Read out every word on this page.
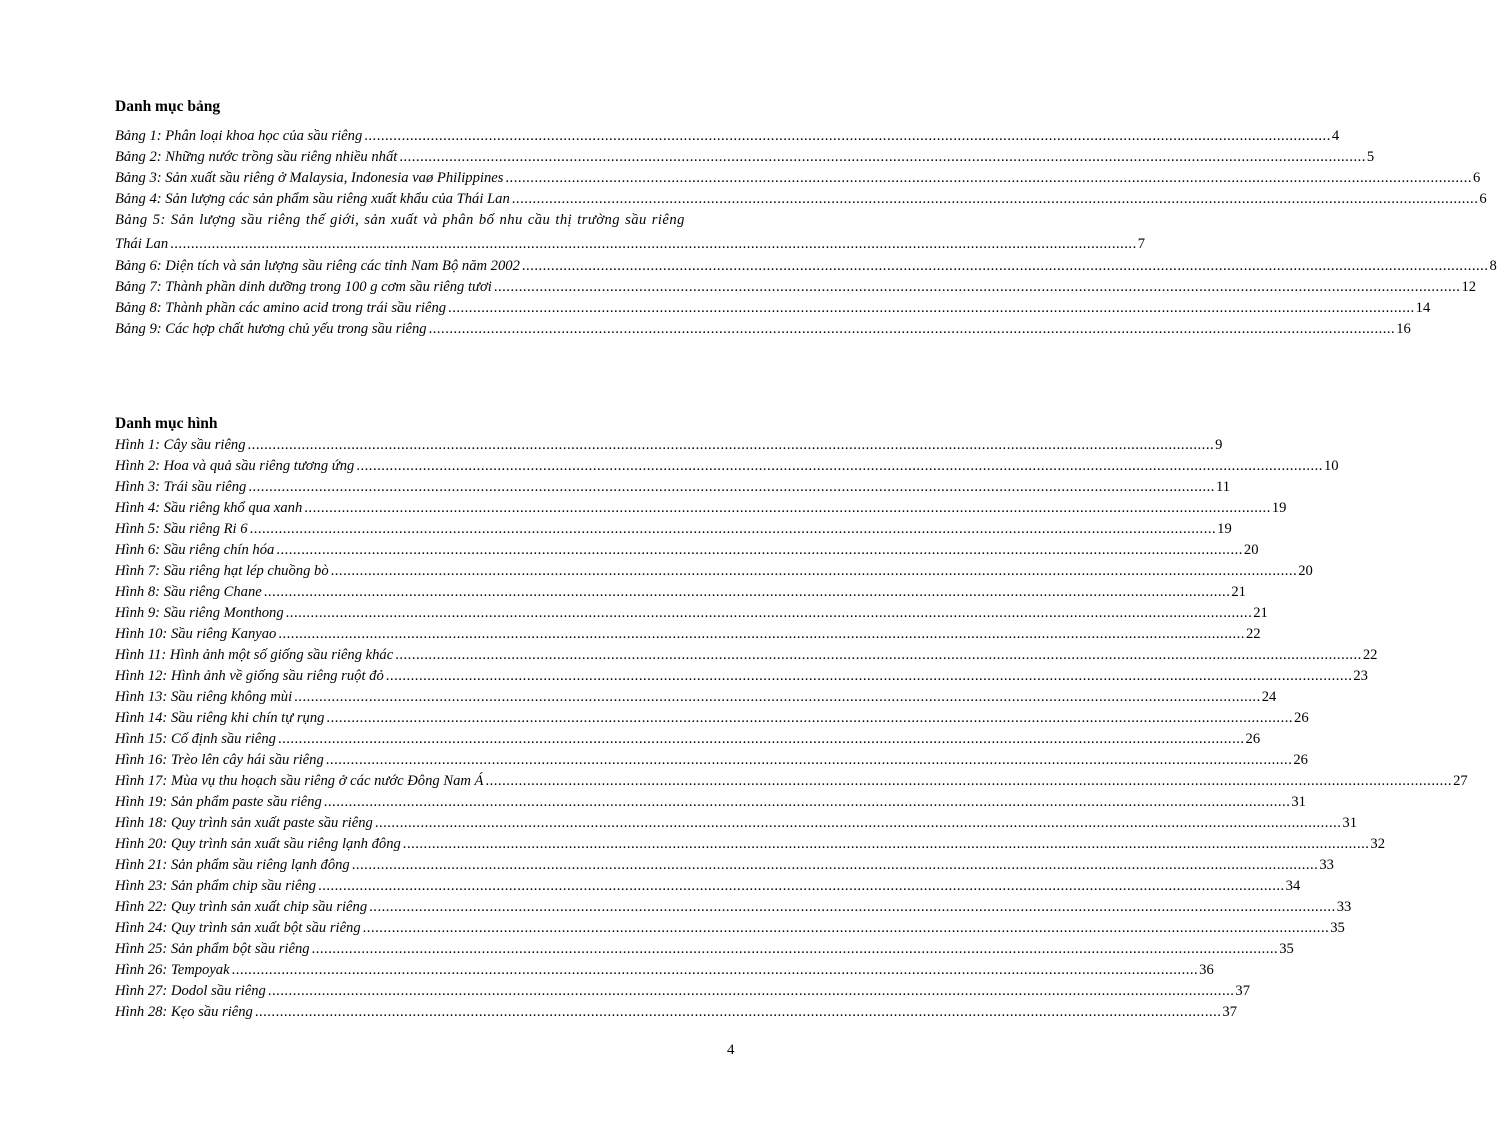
Danh mục bảng
Bảng 1: Phân loại khoa học của sầu riêng .....	4
Bảng 2: Những nước trồng sầu riêng nhiều nhất .....	5
Bảng 3: Sản xuất sầu riêng ở Malaysia, Indonesia vaø Philippines .....	6
Bảng 4: Sản lượng các sản phẩm sầu riêng xuất khẩu của Thái Lan .....	6
Bảng 5: Sản lượng sầu riêng thế giới, sản xuất và phân bố nhu cầu thị trường sầu riêng
Thái Lan .....	7
Bảng 6: Diện tích và sản lượng sầu riêng các tỉnh Nam Bộ năm 2002 .....	8
Bảng 7: Thành phần dinh dưỡng trong 100 g cơm sầu riêng tươi .....	12
Bảng 8: Thành phần các amino acid trong trái sầu riêng .....	14
Bảng 9: Các hợp chất hương chủ yếu trong sầu riêng .....	16
Danh mục hình
Hình 1: Cây sầu riêng .....	9
Hình 2: Hoa và quả sầu riêng tương ứng .....	10
Hình 3: Trái sầu riêng .....	11
Hình 4: Sầu riêng khổ qua xanh .....	19
Hình 5: Sầu riêng Ri 6 .....	19
Hình 6: Sầu riêng chín hóa .....	20
Hình 7: Sầu riêng hạt lép chuồng bò .....	20
Hình 8: Sầu riêng Chane .....	21
Hình 9: Sầu riêng Monthong .....	21
Hình 10: Sầu riêng Kanyao .....	22
Hình 11: Hình ảnh một số giống sầu riêng khác .....	22
Hình 12: Hình ảnh về giống sầu riêng ruột đỏ .....	23
Hình 13: Sầu riêng không mùi .....	24
Hình 14: Sầu riêng khi chín tự rụng .....	26
Hình 15: Cố định sầu riêng .....	26
Hình 16: Trèo lên cây hái sầu riêng .....	26
Hình 17: Mùa vụ thu hoạch sầu riêng ở các nước Đông Nam Á .....	27
Hình 19: Sản phẩm paste sầu riêng .....	31
Hình 18: Quy trình sản xuất paste sầu riêng .....	31
Hình 20: Quy trình sản xuất sầu riêng lạnh đông .....	32
Hình 21: Sản phẩm sầu riêng lạnh đông .....	33
Hình 23: Sản phẩm chip sầu riêng .....	34
Hình 22: Quy trình sản xuất chip sầu riêng .....	33
Hình 24: Quy trình sản xuất bột sầu riêng .....	35
Hình 25: Sản phẩm bột sầu riêng .....	35
Hình 26: Tempoyak .....	36
Hình 27: Dodol sầu riêng .....	37
Hình 28: Kẹo sầu riêng .....	37
4
